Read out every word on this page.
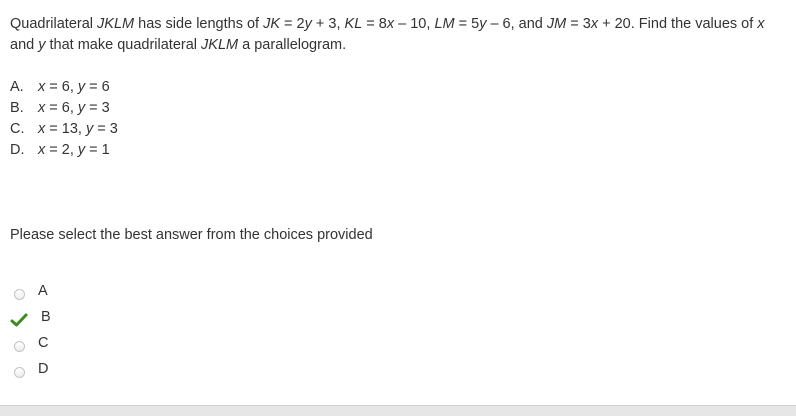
Quadrilateral JKLM has side lengths of JK = 2y + 3, KL = 8x – 10, LM = 5y – 6, and JM = 3x + 20. Find the values of x and y that make quadrilateral JKLM a parallelogram.

A. x = 6, y = 6
B. x = 6, y = 3
C. x = 13, y = 3
D. x = 2, y = 1

Please select the best answer from the choices provided

A
B
C
D
